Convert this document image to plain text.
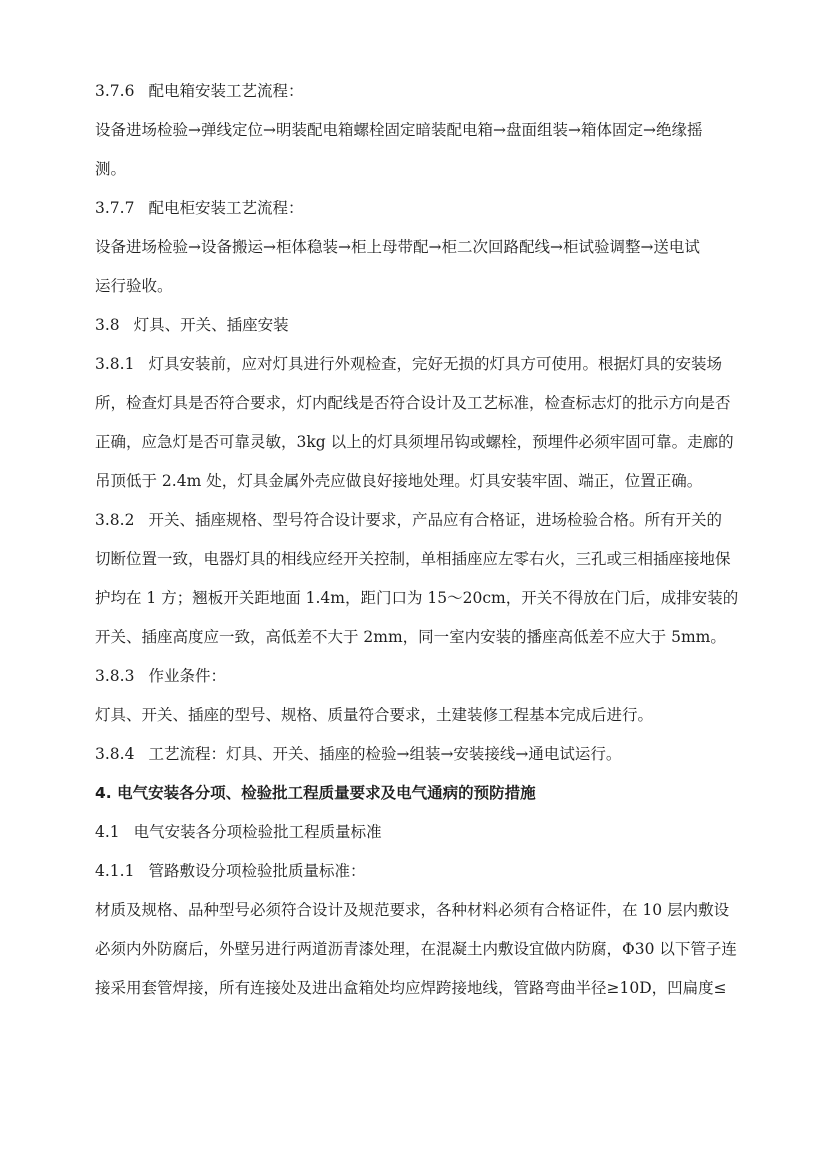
3.7.6 配电箱安装工艺流程：

设备进场检验→弹线定位→明装配电箱螺栓固定暗装配电箱→盘面组装→箱体固定→绝缘摇

测。

3.7.7 配电柜安装工艺流程：

设备进场检验→设备搬运→柜体稳装→柜上母带配→柜二次回路配线→柜试验调整→送电试

运行验收。

3.8 灯具、开关、插座安装

3.8.1 灯具安装前，应对灯具进行外观检查，完好无损的灯具方可使用。根据灯具的安装场

所，检查灯具是否符合要求，灯内配线是否符合设计及工艺标准，检查标志灯的批示方向是否

正确，应急灯是否可靠灵敏，3kg 以上的灯具须埋吊钩或螺栓，预埋件必须牢固可靠。走廊的

吊顶低于 2.4m 处，灯具金属外壳应做良好接地处理。灯具安装牢固、端正，位置正确。

3.8.2 开关、插座规格、型号符合设计要求，产品应有合格证，进场检验合格。所有开关的

切断位置一致，电器灯具的相线应经开关控制，单相插座应左零右火，三孔或三相插座接地保

护均在 1 方；翘板开关距地面 1.4m，距门口为 15～20cm，开关不得放在门后，成排安装的

开关、插座高度应一致，高低差不大于 2mm，同一室内安装的播座高低差不应大于 5mm。

3.8.3 作业条件：

灯具、开关、插座的型号、规格、质量符合要求，土建装修工程基本完成后进行。

3.8.4 工艺流程：灯具、开关、插座的检验→组装→安装接线→通电试运行。

4. 电气安装各分项、检验批工程质量要求及电气通病的预防措施

4.1 电气安装各分项检验批工程质量标准

4.1.1 管路敷设分项检验批质量标准：

材质及规格、品种型号必须符合设计及规范要求，各种材料必须有合格证件，在 10 层内敷设

必须内外防腐后，外壁另进行两道沥青漆处理，在混凝土内敷设宜做内防腐，Φ30 以下管子连

接采用套管焊接，所有连接处及进出盒箱处均应焊跨接地线，管路弯曲半径≥10D，凹扁度≤
